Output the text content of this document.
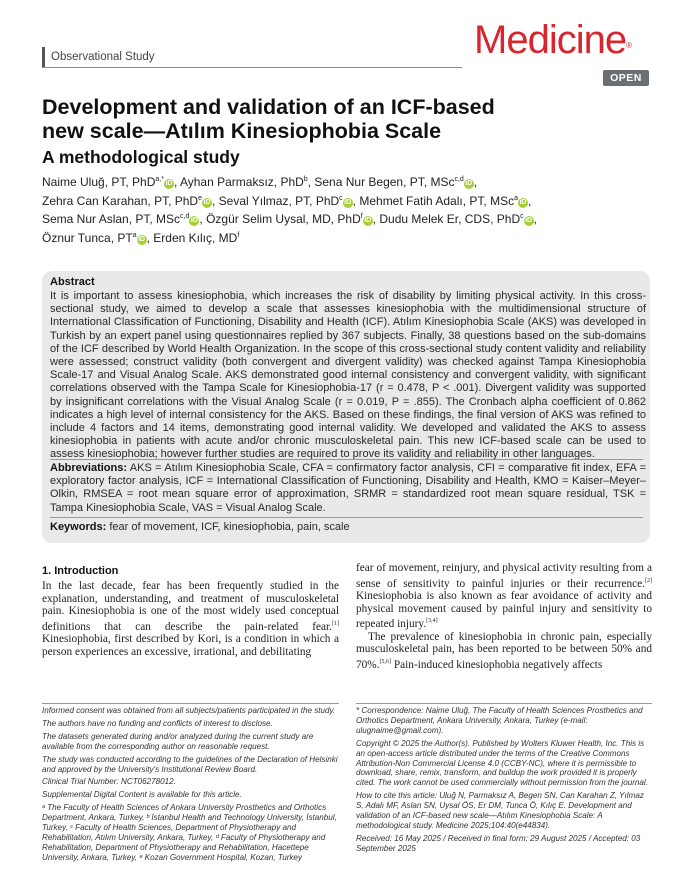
Observational Study	Medicine®
OPEN
Development and validation of an ICF-based
new scale—Atılım Kinesiophobia Scale
A methodological study
Naime Uluğ, PT, PhD$^{a,*}$iD , Ayhan Parmaksız, PhD$^b$, Sena Nur Begen, PT, MSc$^{c,d}$iD ,
Zehra Can Karahan, PT, PhD$^e$iD , Seval Yılmaz, PT, PhD$^c$iD , Mehmet Fatih Adalı, PT, MSc$^a$iD ,
Sema Nur Aslan, PT, MSc$^{c,d}$iD , Özgür Selim Uysal, MD, PhD$^f$iD , Dudu Melek Er, CDS, PhD$^c$iD ,
Öznur Tunca, $PT^aiD$ , Erden Kılıç, $MD^f$
Abstract
It is important to assess kinesiophobia, which increases the risk of disability by limiting physical activity. In this cross-sectional study, we aimed to develop a scale that assesses kinesiophobia with the multidimensional structure of International Classification of Functioning, Disability and Health (ICF). Atılım Kinesiophobia Scale (AKS) was developed in Turkish by an expert panel using questionnaires replied by 367 subjects. Finally, 38 questions based on the sub-domains of the ICF described by World Health Organization. In the scope of this cross-sectional study content validity and reliability were assessed; construct validity (both convergent and divergent validity) was checked against Tampa Kinesiophobia Scale-17 and Visual Analog Scale. AKS demonstrated good internal consistency and convergent validity, with significant correlations observed with the Tampa Scale for Kinesiophobia-17 (r = 0.478, P < .001). Divergent validity was supported by insignificant correlations with the Visual Analog Scale (r = 0.019, P = .855). The Cronbach alpha coefficient of 0.862 indicates a high level of internal consistency for the AKS. Based on these findings, the final version of AKS was refined to include 4 factors and 14 items, demonstrating good internal validity. We developed and validated the AKS to assess kinesiophobia in patients with acute and/or chronic musculoskeletal pain. This new ICF-based scale can be used to assess kinesiophobia; however further studies are required to prove its validity and reliability in other languages.
Abbreviations: AKS = Atılım Kinesiophobia Scale, CFA = confirmatory factor analysis, CFI = comparative fit index, EFA = exploratory factor analysis, ICF = International Classification of Functioning, Disability and Health, KMO = Kaiser–Meyer–Olkin, RMSEA = root mean square error of approximation, SRMR = standardized root mean square residual, TSK = Tampa Kinesiophobia Scale, VAS = Visual Analog Scale.
Keywords: fear of movement, ICF, kinesiophobia, pain, scale
1. Introduction

In the last decade, fear has been frequently studied in the explanation, understanding, and treatment of musculoskeletal pain. Kinesiophobia is one of the most widely used conceptual definitions that can describe the pain-related fear.[1] Kinesiophobia, first described by Kori, is a condition in which a person experiences an excessive, irrational, and debilitating

fear of movement, reinjury, and physical activity resulting from a sense of sensitivity to painful injuries or their recurrence.[2] Kinesiophobia is also known as fear avoidance of activity and physical movement caused by painful injury and sensitivity to repeated injury.[3,4]

The prevalence of kinesiophobia in chronic pain, especially musculoskeletal pain, has been reported to be between 50% and 70%.[5,6] Pain-induced kinesiophobia negatively affects

Informed consent was obtained from all subjects/patients participated in the study.

The authors have no funding and conflicts of interest to disclose.

The datasets generated during and/or analyzed during the current study are available from the corresponding author on reasonable request.

The study was conducted according to the guidelines of the Declaration of Helsinki and approved by the University's Institutional Review Board.

Clinical Trial Number: NCT06278012.

Supplemental Digital Content is available for this article.

ᵃ The Faculty of Health Sciences of Ankara University Prosthetics and Orthotics Department, Ankara, Turkey, ᵇ İstanbul Health and Technology University, İstanbul, Turkey, ᶜ Faculty of Health Sciences, Department of Physiotherapy and Rehabilitation, Atılım University, Ankara, Turkey, ᵈ Faculty of Physiotherapy and Rehabilitation, Department of Physiotherapy and Rehabilitation, Hacettepe University, Ankara, Turkey, ᵉ Kozan Government Hospital, Kozan, Turkey

* Correspondence: Naime Uluğ, The Faculty of Health Sciences Prosthetics and Orthotics Department, Ankara University, Ankara, Turkey (e-mail: ulugnaime@gmail.com).

Copyright © 2025 the Author(s). Published by Wolters Kluwer Health, Inc. This is an open-access article distributed under the terms of the Creative Commons Attribution-Non Commercial License 4.0 (CCBY-NC), where it is permissible to download, share, remix, transform, and buildup the work provided it is properly cited. The work cannot be used commercially without permission from the journal.

How to cite this article: Uluğ N, Parmaksız A, Begen SN, Can Karahan Z, Yılmaz S, Adalı MF, Aslan SN, Uysal ÖS, Er DM, Tunca Ö, Kılıç E. Development and validation of an ICF-based new scale—Atılım Kinesiophobia Scale: A methodological study. Medicine 2025;104:40(e44834).

Received: 16 May 2025 / Received in final form: 29 August 2025 / Accepted: 03 September 2025
